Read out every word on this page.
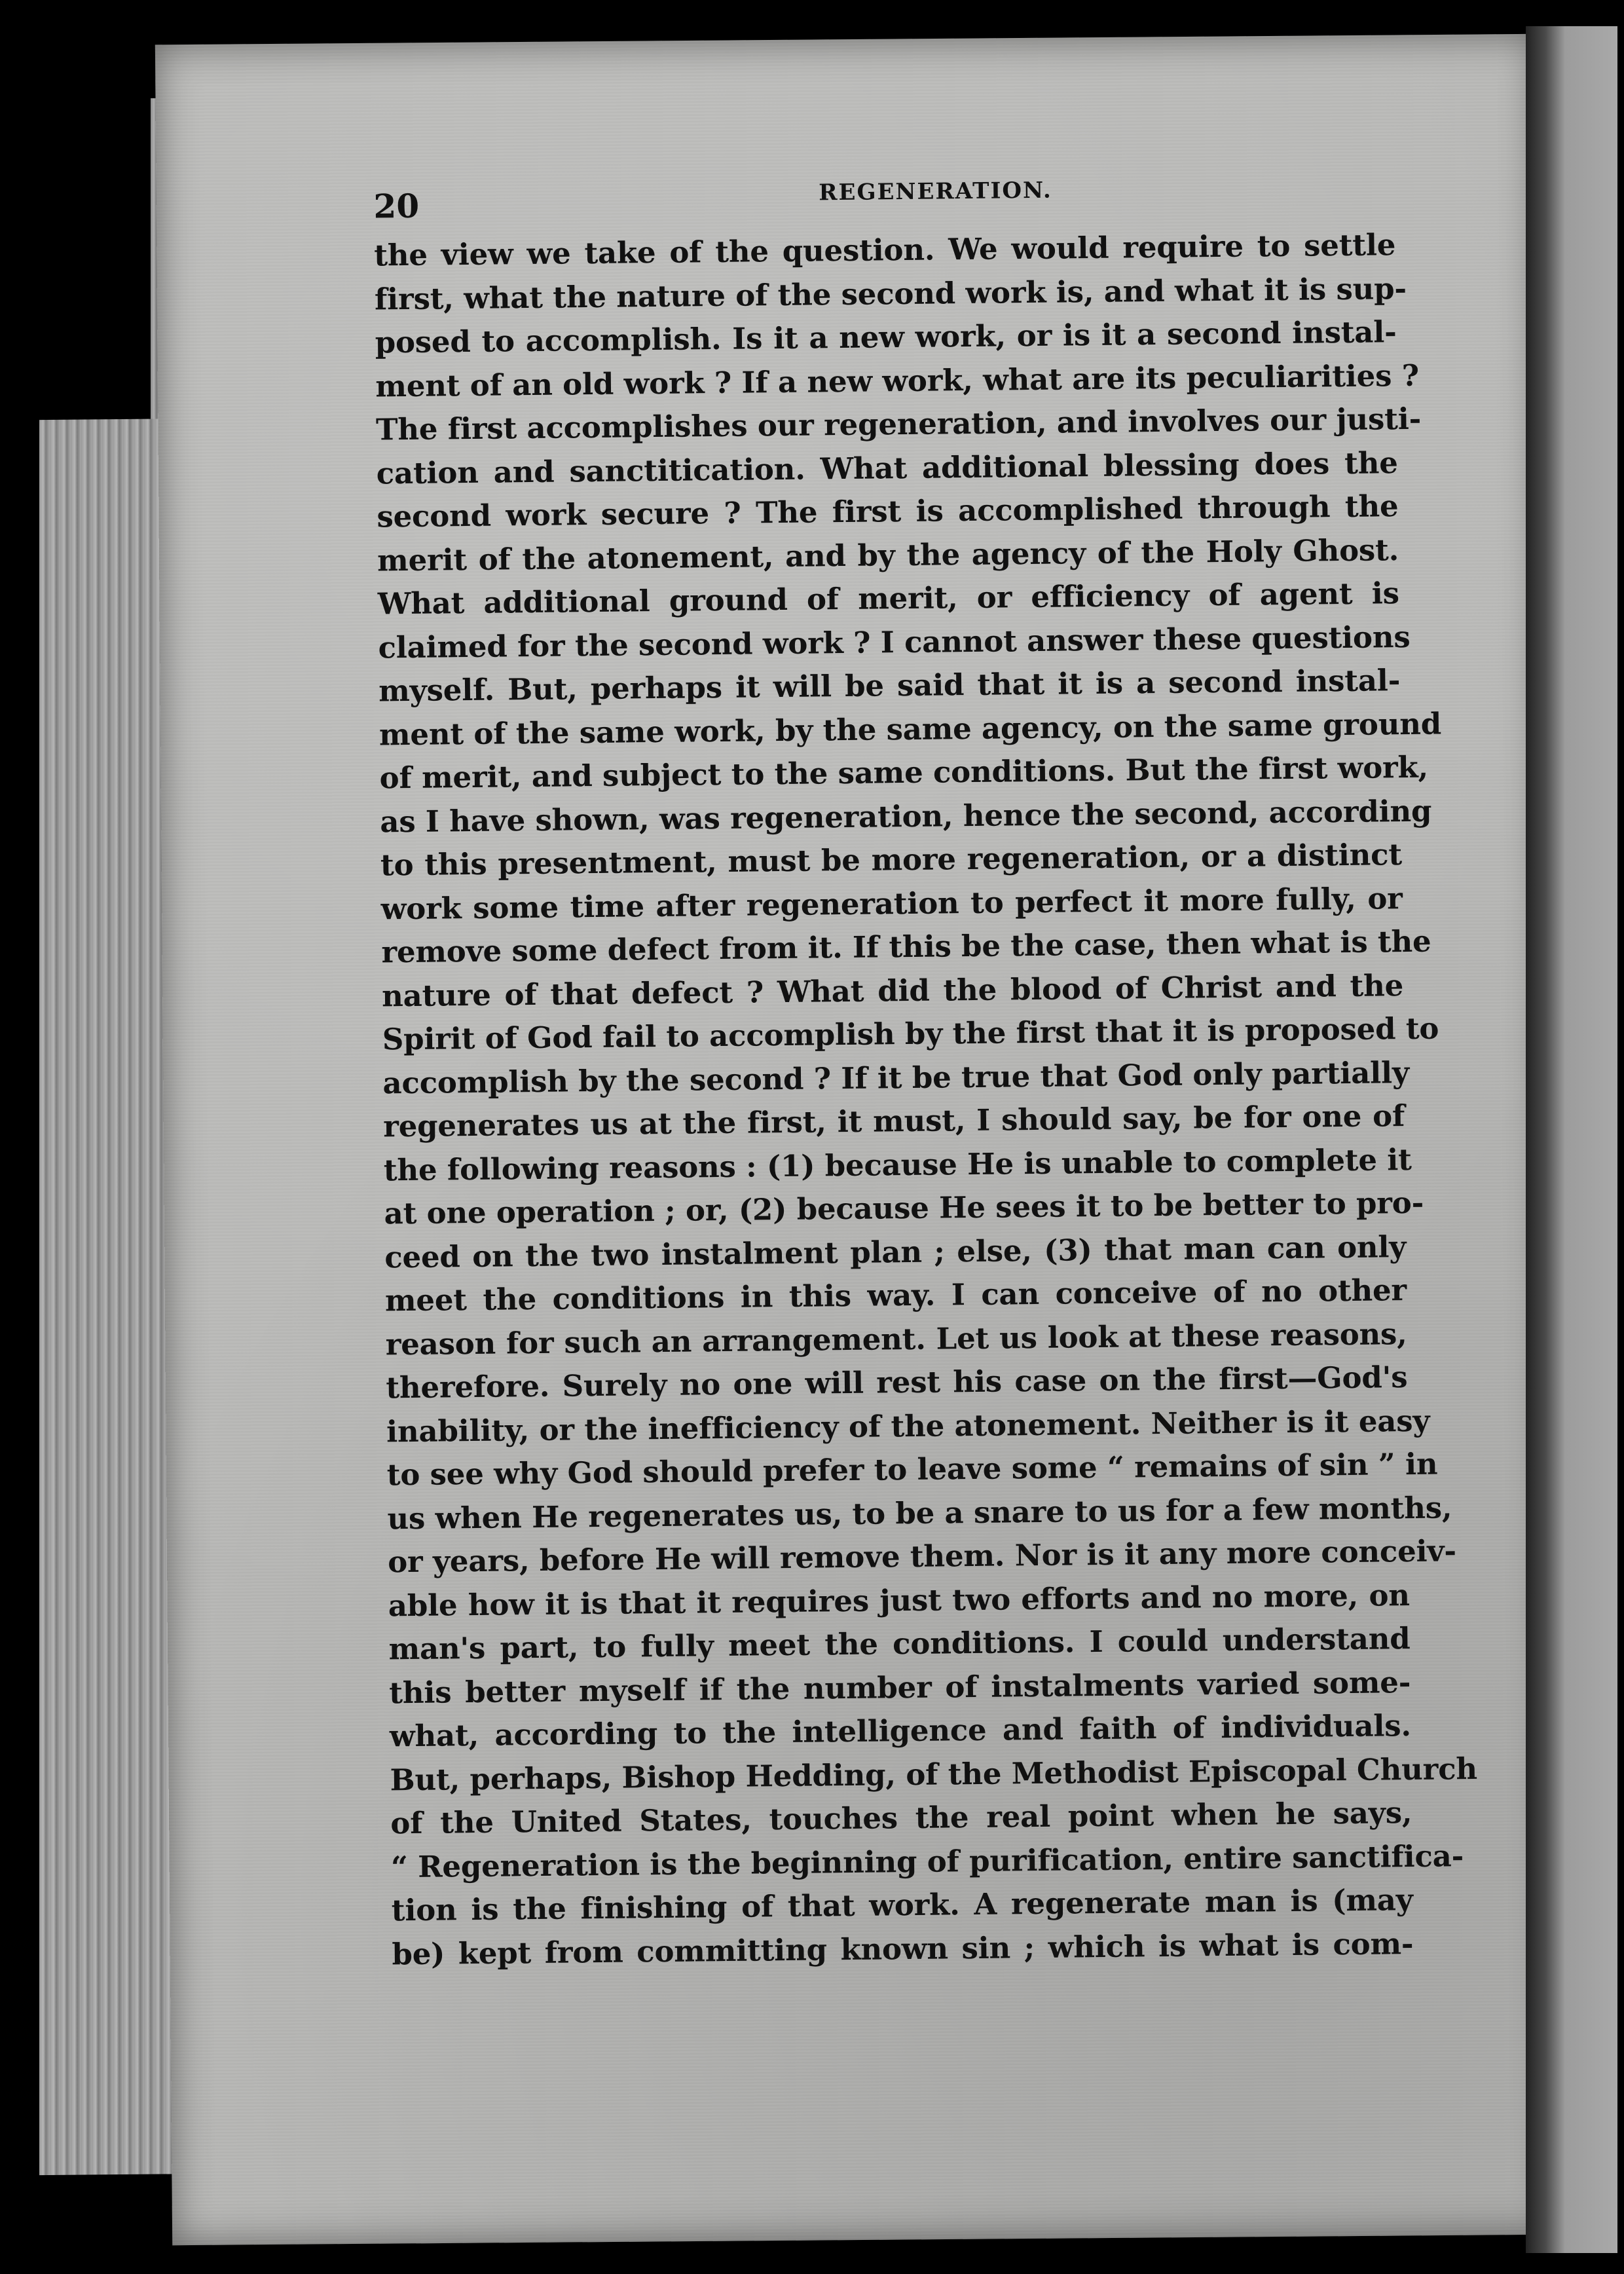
20	REGENERATION.
the view we take of the question. We would require to settle
first, what the nature of the second work is, and what it is sup-
posed to accomplish. Is it a new work, or is it a second instal-
ment of an old work ? If a new work, what are its peculiarities ?
The first accomplishes our regeneration, and involves our justi-
cation and sanctitication. What additional blessing does the
second work secure ? The first is accomplished through the
merit of the atonement, and by the agency of the Holy Ghost.
What additional ground of merit, or efficiency of agent is
claimed for the second work ? I cannot answer these questions
myself. But, perhaps it will be said that it is a second instal-
ment of the same work, by the same agency, on the same ground
of merit, and subject to the same conditions. But the first work,
as I have shown, was regeneration, hence the second, according
to this presentment, must be more regeneration, or a distinct
work some time after regeneration to perfect it more fully, or
remove some defect from it. If this be the case, then what is the
nature of that defect ? What did the blood of Christ and the
Spirit of God fail to accomplish by the first that it is proposed to
accomplish by the second ? If it be true that God only partially
regenerates us at the first, it must, I should say, be for one of
the following reasons : (1) because He is unable to complete it
at one operation ; or, (2) because He sees it to be better to pro-
ceed on the two instalment plan ; else, (3) that man can only
meet the conditions in this way. I can conceive of no other
reason for such an arrangement. Let us look at these reasons,
therefore. Surely no one will rest his case on the first—God's
inability, or the inefficiency of the atonement. Neither is it easy
to see why God should prefer to leave some “ remains of sin ” in
us when He regenerates us, to be a snare to us for a few months,
or years, before He will remove them. Nor is it any more conceiv-
able how it is that it requires just two efforts and no more, on
man's part, to fully meet the conditions. I could understand
this better myself if the number of instalments varied some-
what, according to the intelligence and faith of individuals.
But, perhaps, Bishop Hedding, of the Methodist Episcopal Church
of the United States, touches the real point when he says,
“ Regeneration is the beginning of purification, entire sanctifica-
tion is the finishing of that work. A regenerate man is (may
be) kept from committing known sin ; which is what is com-
